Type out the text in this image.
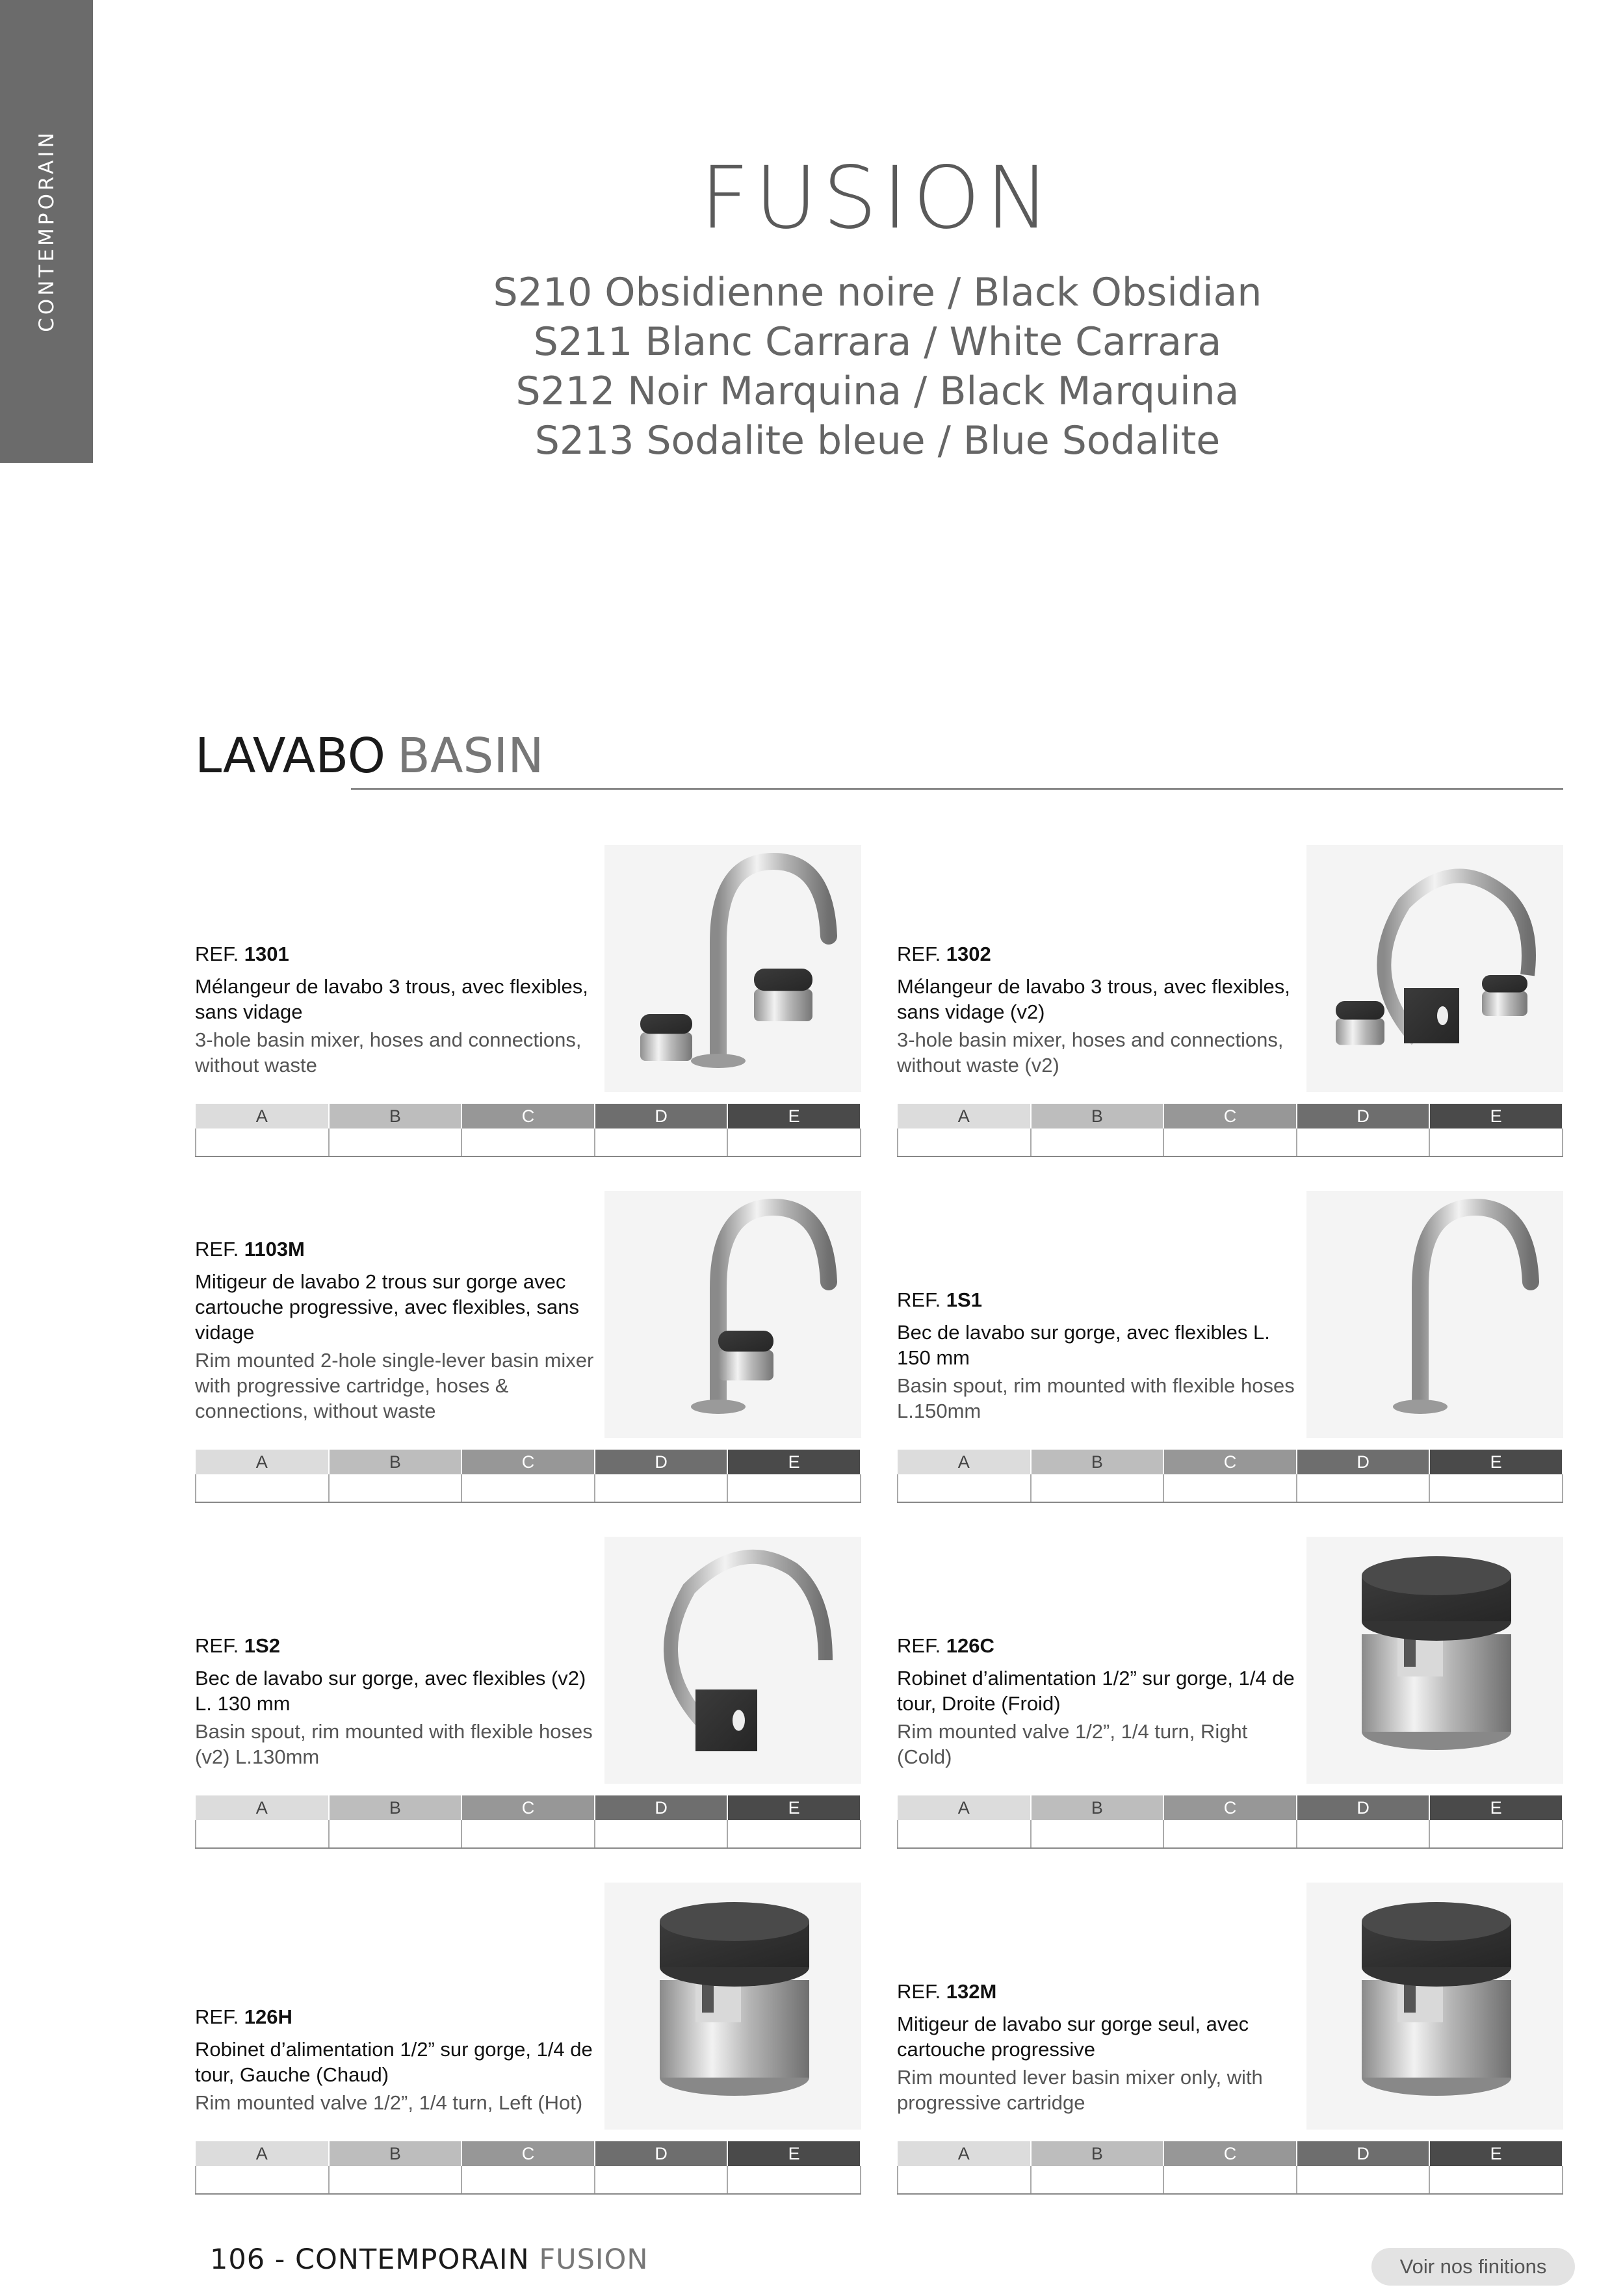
CONTEMPORAIN	FUSION
S210 Obsidienne noire / Black Obsidian
S211 Blanc Carrara / White Carrara
S212 Noir Marquina / Black Marquina
S213 Sodalite bleue / Blue Sodalite
LAVABO BASIN
REF. 1301
Mélangeur de lavabo 3 trous, avec flexibles, sans vidage
3-hole basin mixer, hoses and connections, without waste
A	B	C	D	E

REF. 1302
Mélangeur de lavabo 3 trous, avec flexibles, sans vidage (v2)
3-hole basin mixer, hoses and connections, without waste (v2)
A	B	C	D	E

REF. 1103M
Mitigeur de lavabo 2 trous sur gorge avec cartouche progressive, avec flexibles, sans vidage
Rim mounted 2-hole single-lever basin mixer with progressive cartridge, hoses & connections, without waste
A	B	C	D	E

REF. 1S1
Bec de lavabo sur gorge, avec flexibles L. 150 mm
Basin spout, rim mounted with flexible hoses L.150mm
A	B	C	D	E

REF. 1S2
Bec de lavabo sur gorge, avec flexibles (v2) L. 130 mm
Basin spout, rim mounted with flexible hoses (v2) L.130mm
A	B	C	D	E

REF. 126C
Robinet d’alimentation 1/2” sur gorge, 1/4 de tour, Droite (Froid)
Rim mounted valve 1/2”, 1/4 turn, Right (Cold)
A	B	C	D	E

REF. 126H
Robinet d’alimentation 1/2” sur gorge, 1/4 de tour, Gauche (Chaud)
Rim mounted valve 1/2”, 1/4 turn, Left (Hot)
A	B	C	D	E

REF. 132M
Mitigeur de lavabo sur gorge seul, avec cartouche progressive
Rim mounted lever basin mixer only, with progressive cartridge
A	B	C	D	E

106 - CONTEMPORAIN FUSION	Voir nos finitions
